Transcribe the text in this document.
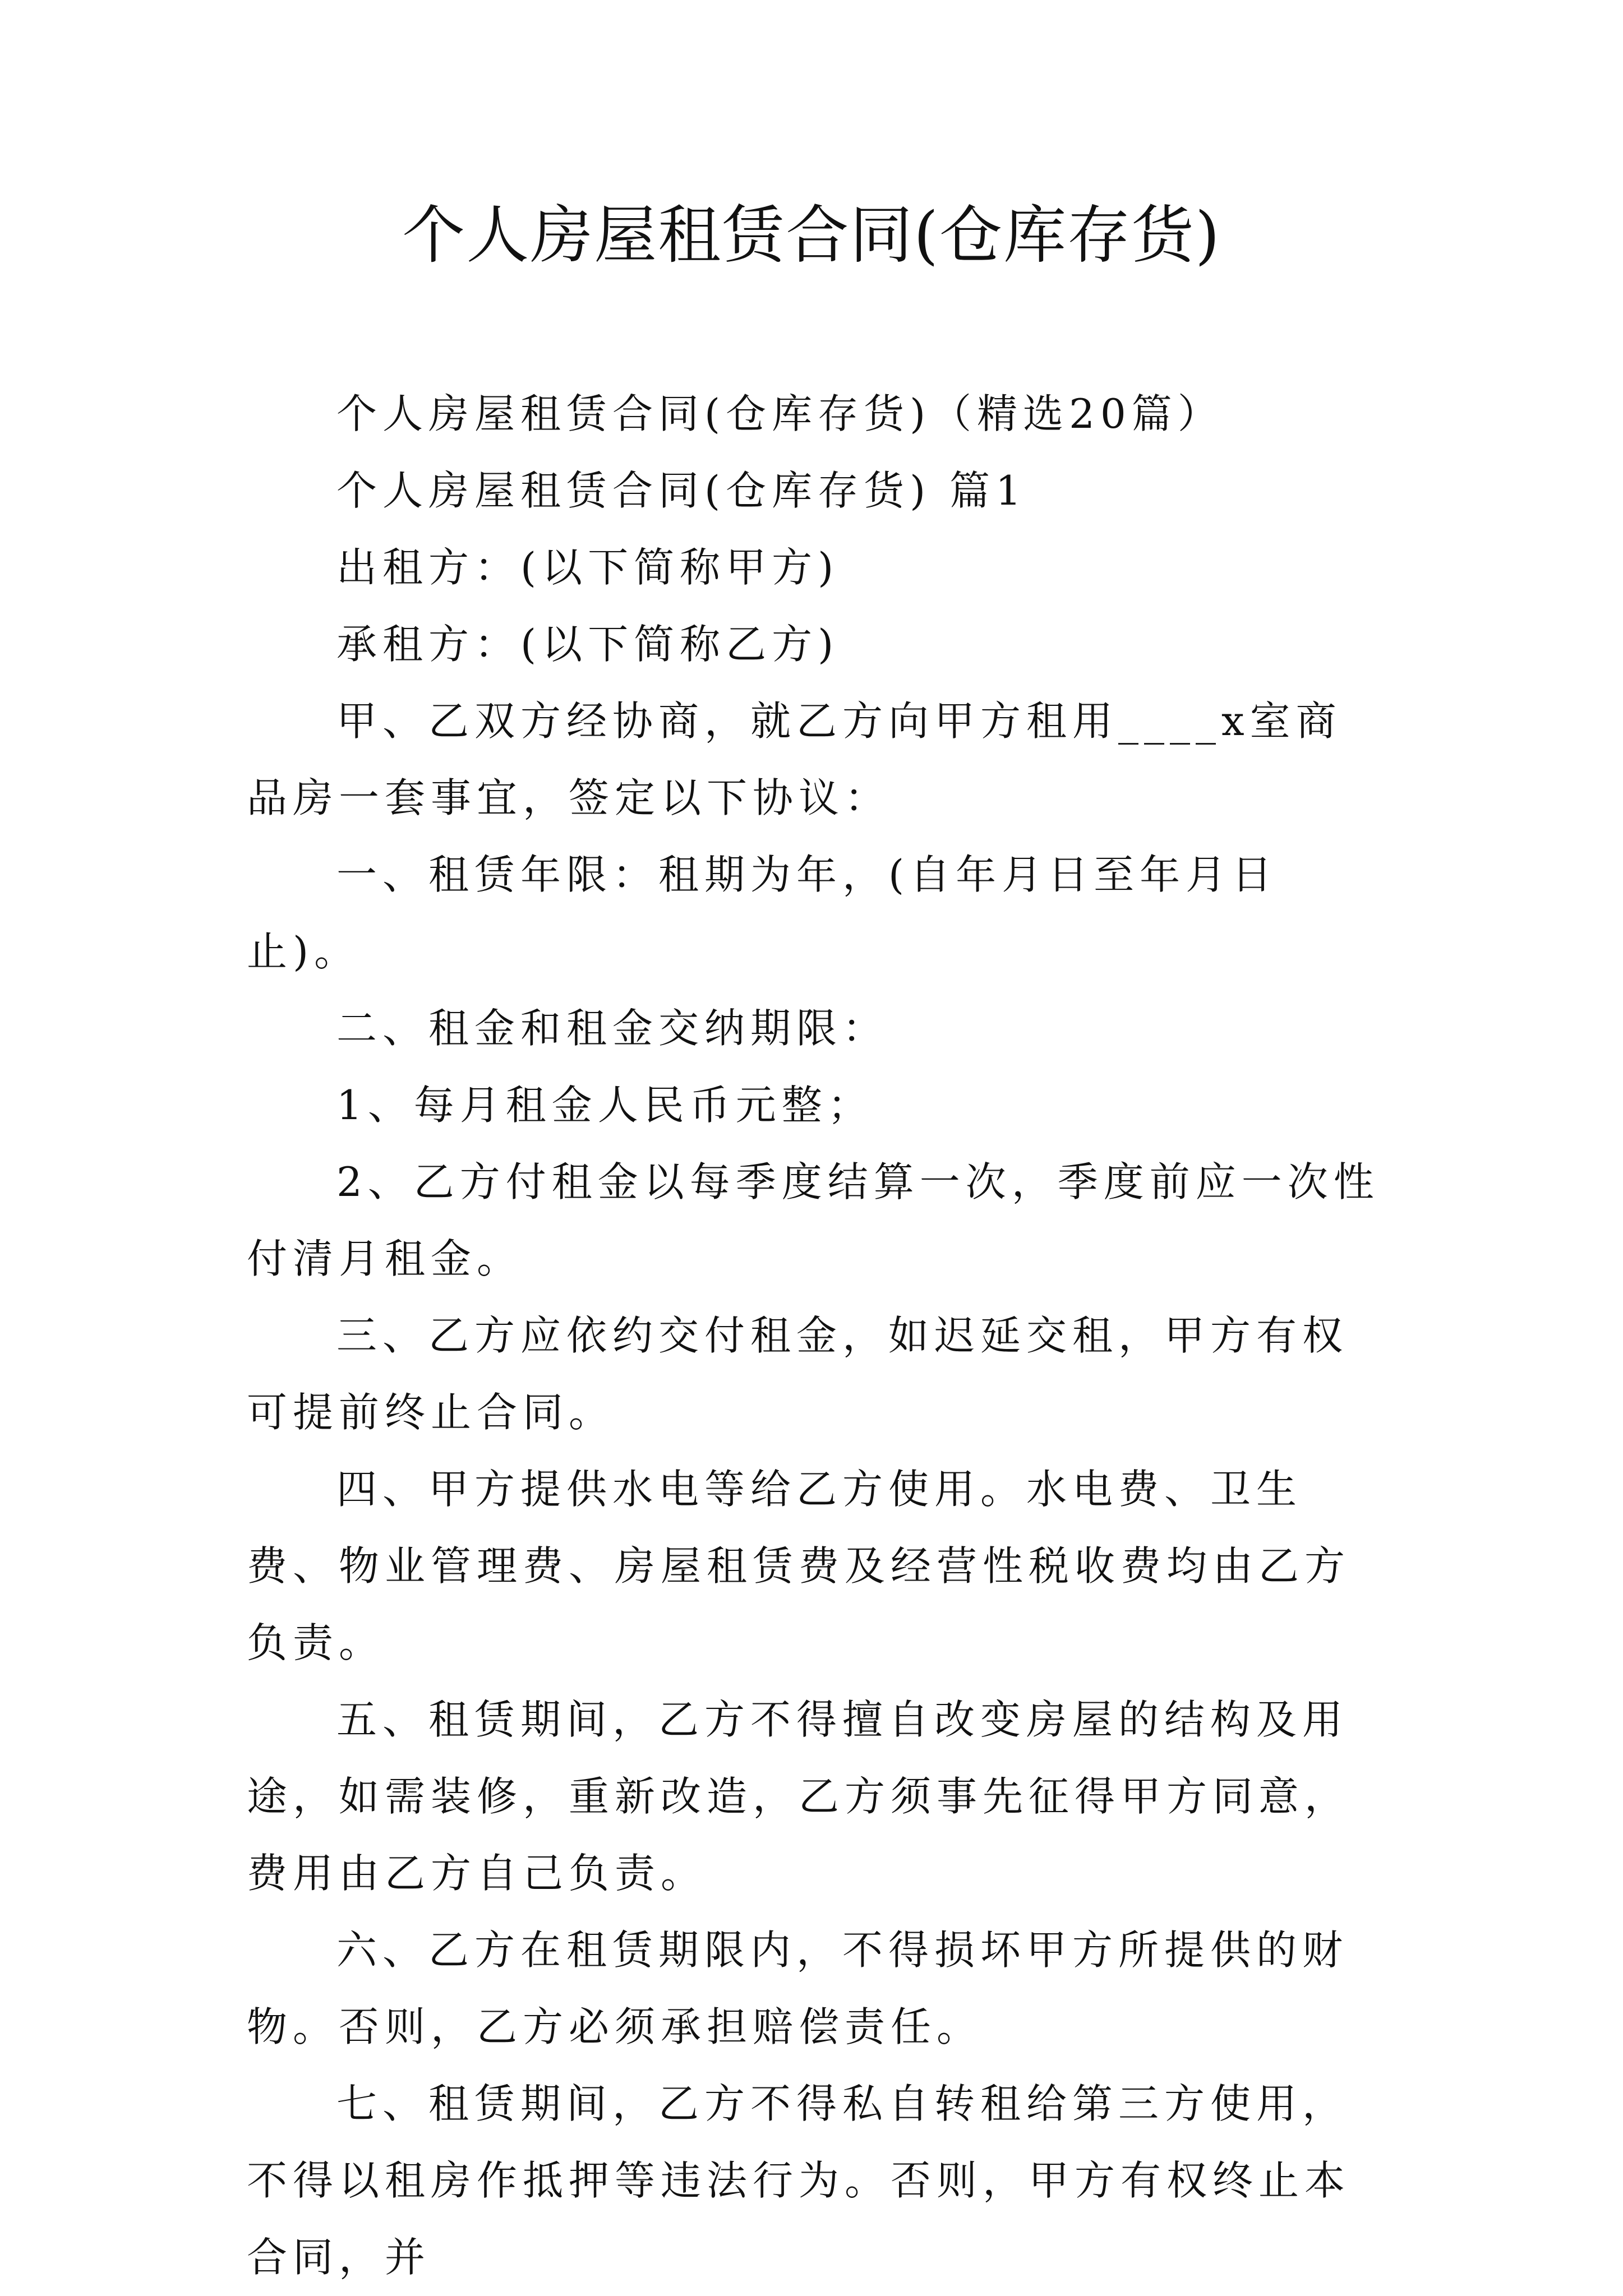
个人房屋租赁合同(仓库存货)

个人房屋租赁合同(仓库存货)（精选20篇）

个人房屋租赁合同(仓库存货) 篇1

出租方：(以下简称甲方)

承租方：(以下简称乙方)

甲、乙双方经协商，就乙方向甲方租用____x室商品房一套事宜，签定以下协议：

一、租赁年限：租期为年，(自年月日至年月日止)。

二、租金和租金交纳期限：

1、每月租金人民币元整；

2、乙方付租金以每季度结算一次，季度前应一次性付清月租金。

三、乙方应依约交付租金，如迟延交租，甲方有权可提前终止合同。

四、甲方提供水电等给乙方使用。水电费、卫生费、物业管理费、房屋租赁费及经营性税收费均由乙方负责。

五、租赁期间，乙方不得擅自改变房屋的结构及用途，如需装修，重新改造，乙方须事先征得甲方同意，费用由乙方自己负责。

六、乙方在租赁期限内，不得损坏甲方所提供的财物。否则，乙方必须承担赔偿责任。

七、租赁期间，乙方不得私自转租给第三方使用，不得以租房作抵押等违法行为。否则，甲方有权终止本合同，并
